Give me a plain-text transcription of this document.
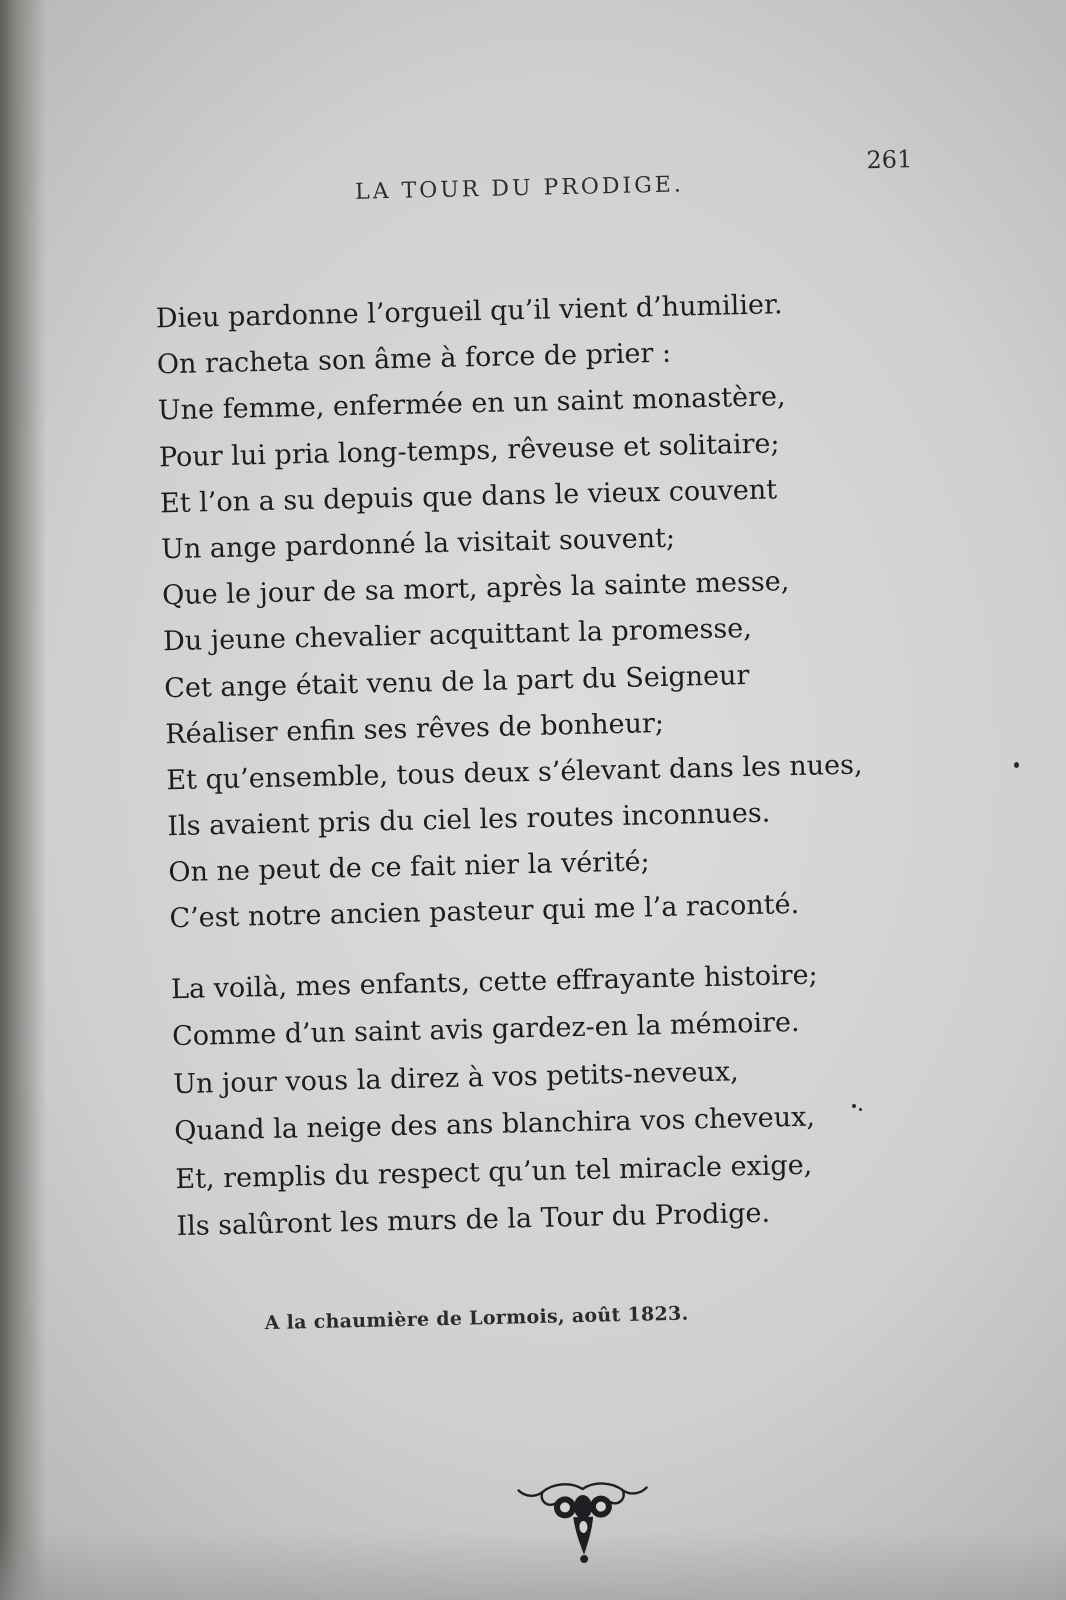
LA TOUR DU PRODIGE.

261

Dieu pardonne l’orgueil qu’il vient d’humilier.
On racheta son âme à force de prier :
Une femme, enfermée en un saint monastère,
Pour lui pria long-temps, rêveuse et solitaire;
Et l’on a su depuis que dans le vieux couvent
Un ange pardonné la visitait souvent;
Que le jour de sa mort, après la sainte messe,
Du jeune chevalier acquittant la promesse,
Cet ange était venu de la part du Seigneur
Réaliser enfin ses rêves de bonheur;
Et qu’ensemble, tous deux s’élevant dans les nues,
Ils avaient pris du ciel les routes inconnues.
On ne peut de ce fait nier la vérité;
C’est notre ancien pasteur qui me l’a raconté.
La voilà, mes enfants, cette effrayante histoire;
Comme d’un saint avis gardez-en la mémoire.
Un jour vous la direz à vos petits-neveux,
Quand la neige des ans blanchira vos cheveux,
Et, remplis du respect qu’un tel miracle exige,
Ils salûront les murs de la Tour du Prodige.

A la chaumière de Lormois, août 1823.
